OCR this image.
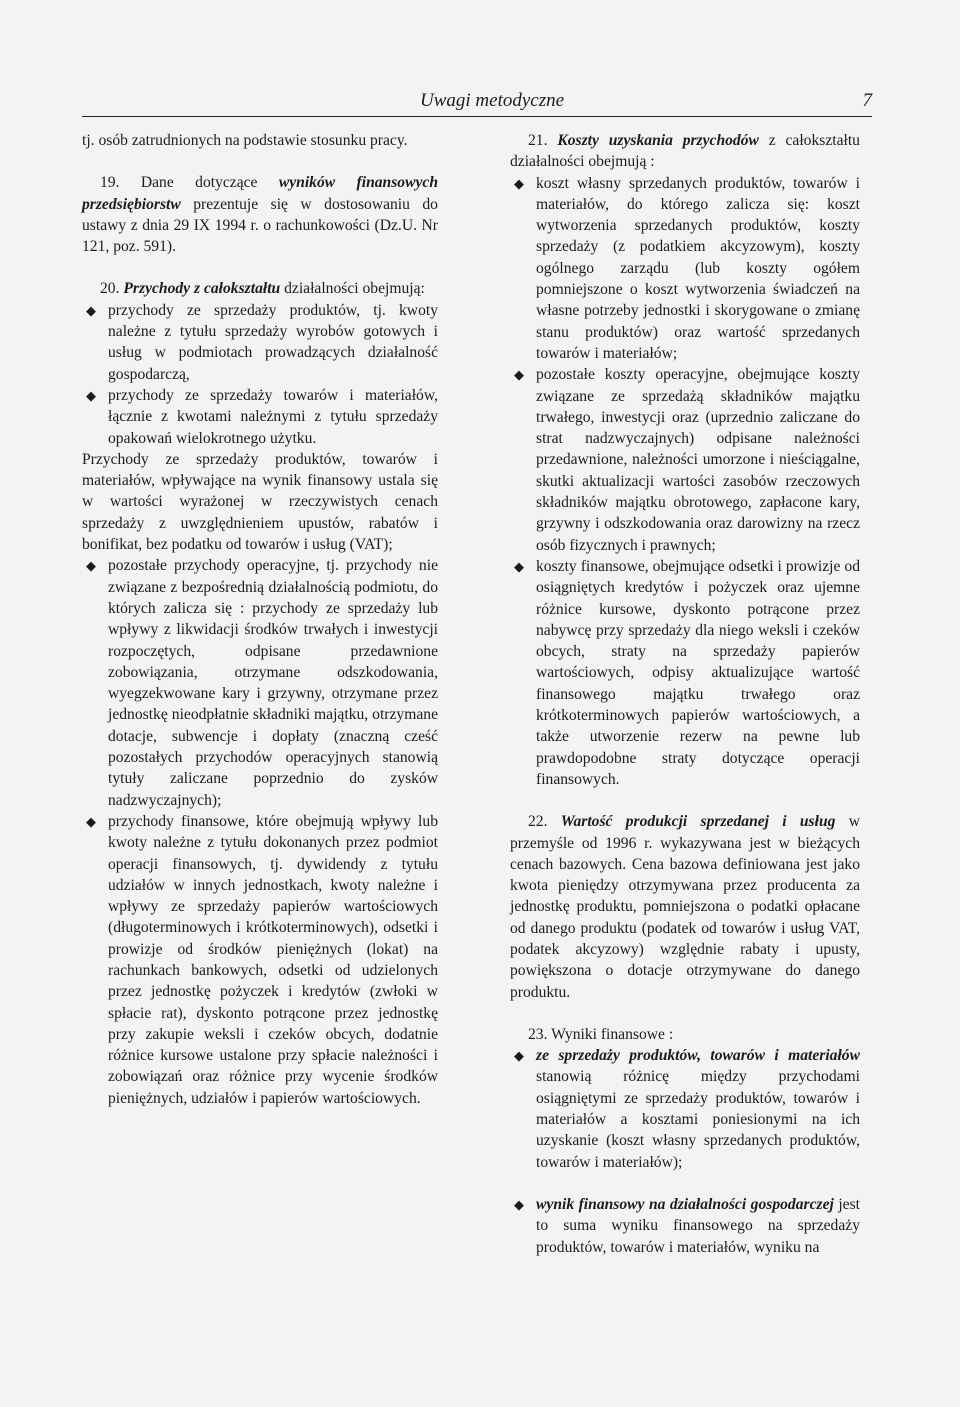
Uwagi metodyczne	7

tj. osób zatrudnionych na podstawie stosunku pracy.

19. Dane dotyczące wyników finansowych przedsiębiorstw prezentuje się w dostosowaniu do ustawy z dnia 29 IX 1994 r. o rachunkowości (Dz.U. Nr 121, poz. 591).

20. Przychody z całokształtu działalności obejmują:

◆ przychody ze sprzedaży produktów, tj. kwoty należne z tytułu sprzedaży wyrobów gotowych i usług w podmiotach prowadzących działalność gospodarczą,

◆ przychody ze sprzedaży towarów i materiałów, łącznie z kwotami należnymi z tytułu sprzedaży opakowań wielokrotnego użytku.

Przychody ze sprzedaży produktów, towarów i materiałów, wpływające na wynik finansowy ustala się w wartości wyrażonej w rzeczywistych cenach sprzedaży z uwzględnieniem upustów, rabatów i bonifikat, bez podatku od towarów i usług (VAT);

◆ pozostałe przychody operacyjne, tj. przychody nie związane z bezpośrednią działalnością podmiotu, do których zalicza się : przychody ze sprzedaży lub wpływy z likwidacji środków trwałych i inwestycji rozpoczętych, odpisane przedawnione zobowiązania, otrzymane odszkodowania, wyegzekwowane kary i grzywny, otrzymane przez jednostkę nieodpłatnie składniki majątku, otrzymane dotacje, subwencje i dopłaty (znaczną cześć pozostałych przychodów operacyjnych stanowią tytuły zaliczane poprzednio do zysków nadzwyczajnych);

◆ przychody finansowe, które obejmują wpływy lub kwoty należne z tytułu dokonanych przez podmiot operacji finansowych, tj. dywidendy z tytułu udziałów w innych jednostkach, kwoty należne i wpływy ze sprzedaży papierów wartościowych (długoterminowych i krótkoterminowych), odsetki i prowizje od środków pieniężnych (lokat) na rachunkach bankowych, odsetki od udzielonych przez jednostkę pożyczek i kredytów (zwłoki w spłacie rat), dyskonto potrącone przez jednostkę przy zakupie weksli i czeków obcych, dodatnie różnice kursowe ustalone przy spłacie należności i zobowiązań oraz różnice przy wycenie środków pieniężnych, udziałów i papierów wartościowych.

21. Koszty uzyskania przychodów z całokształtu działalności obejmują :

◆ koszt własny sprzedanych produktów, towarów i materiałów, do którego zalicza się: koszt wytworzenia sprzedanych produktów, koszty sprzedaży (z podatkiem akcyzowym), koszty ogólnego zarządu (lub koszty ogółem pomniejszone o koszt wytworzenia świadczeń na własne potrzeby jednostki i skorygowane o zmianę stanu produktów) oraz wartość sprzedanych towarów i materiałów;

◆ pozostałe koszty operacyjne, obejmujące koszty związane ze sprzedażą składników majątku trwałego, inwestycji oraz (uprzednio zaliczane do strat nadzwyczajnych) odpisane należności przedawnione, należności umorzone i nieściągalne, skutki aktualizacji wartości zasobów rzeczowych składników majątku obrotowego, zapłacone kary, grzywny i odszkodowania oraz darowizny na rzecz osób fizycznych i prawnych;

◆ koszty finansowe, obejmujące odsetki i prowizje od osiągniętych kredytów i pożyczek oraz ujemne różnice kursowe, dyskonto potrącone przez nabywcę przy sprzedaży dla niego weksli i czeków obcych, straty na sprzedaży papierów wartościowych, odpisy aktualizujące wartość finansowego majątku trwałego oraz krótkoterminowych papierów wartościowych, a także utworzenie rezerw na pewne lub prawdopodobne straty dotyczące operacji finansowych.

22. Wartość produkcji sprzedanej i usług w przemyśle od 1996 r. wykazywana jest w bieżących cenach bazowych. Cena bazowa definiowana jest jako kwota pieniędzy otrzymywana przez producenta za jednostkę produktu, pomniejszona o podatki opłacane od danego produktu (podatek od towarów i usług VAT, podatek akcyzowy) względnie rabaty i upusty, powiększona o dotacje otrzymywane do danego produktu.

23. Wyniki finansowe :

◆ ze sprzedaży produktów, towarów i materiałów stanowią różnicę między przychodami osiągniętymi ze sprzedaży produktów, towarów i materiałów a kosztami poniesionymi na ich uzyskanie (koszt własny sprzedanych produktów, towarów i materiałów);

◆ wynik finansowy na działalności gospodarczej jest to suma wyniku finansowego na sprzedaży produktów, towarów i materiałów, wyniku na
